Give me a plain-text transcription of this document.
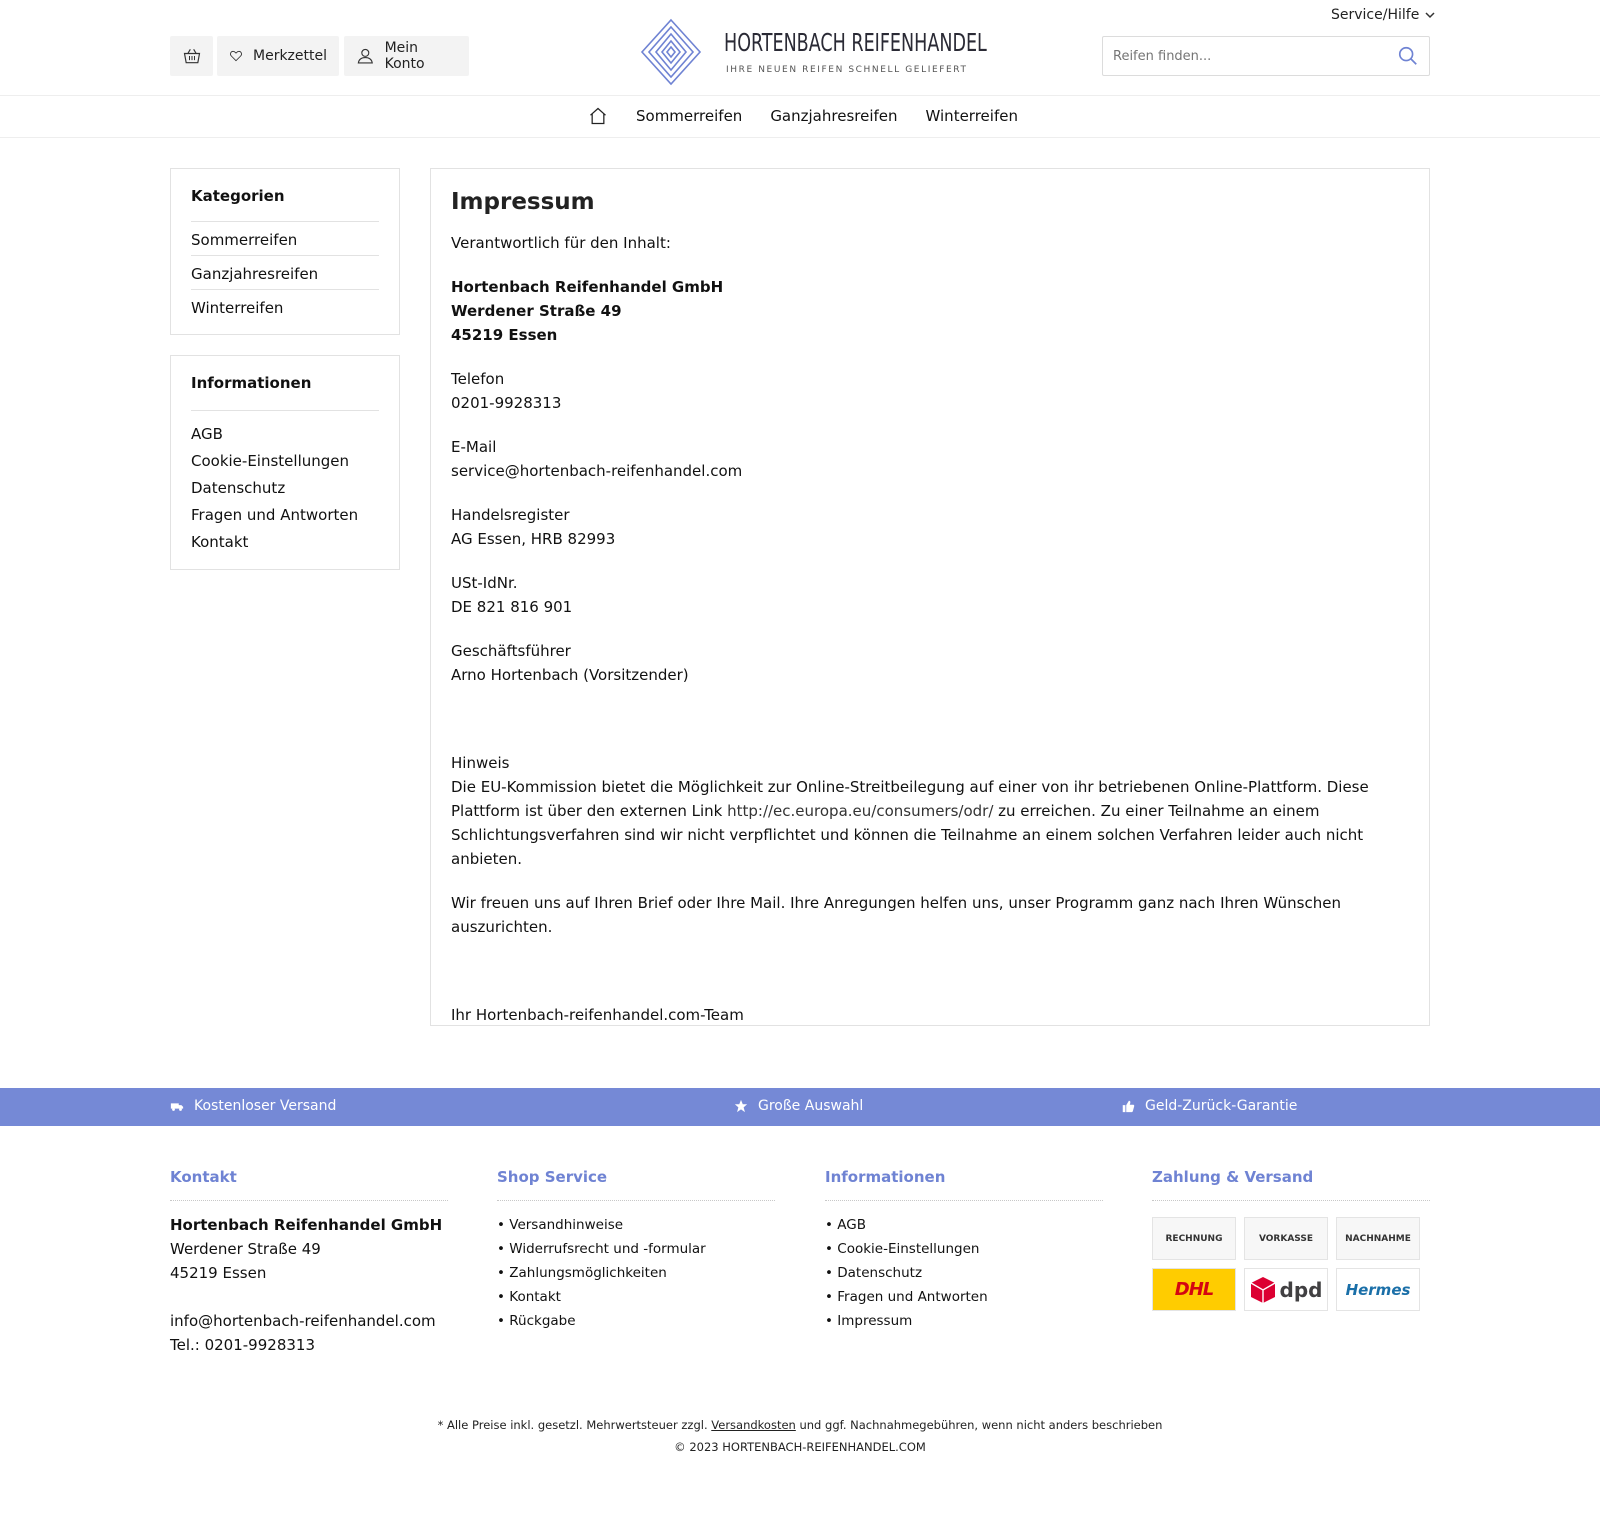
Service/Hilfe
Merkzettel	Mein Konto
HORTENBACH REIFENHANDEL
IHRE NEUEN REIFEN SCHNELL GELIEFERT
Reifen finden...
Sommerreifen Ganzjahresreifen Winterreifen
Kategorien
Sommerreifen
Ganzjahresreifen
Winterreifen
Informationen
AGB
Cookie-Einstellungen
Datenschutz
Fragen und Antworten
Kontakt
Impressum

Verantwortlich für den Inhalt:

Hortenbach Reifenhandel GmbH
Werdener Straße 49
45219 Essen

Telefon
0201-9928313

E-Mail
service@hortenbach-reifenhandel.com

Handelsregister
AG Essen, HRB 82993

USt-IdNr.
DE 821 816 901

Geschäftsführer
Arno Hortenbach (Vorsitzender)

Hinweis
Die EU-Kommission bietet die Möglichkeit zur Online-Streitbeilegung auf einer von ihr betriebenen Online-Plattform. Diese Plattform ist über den externen Link http://ec.europa.eu/consumers/odr/ zu erreichen. Zu einer Teilnahme an einem Schlichtungsverfahren sind wir nicht verpflichtet und können die Teilnahme an einem solchen Verfahren leider auch nicht anbieten.

Wir freuen uns auf Ihren Brief oder Ihre Mail. Ihre Anregungen helfen uns, unser Programm ganz nach Ihren Wünschen auszurichten.

Ihr Hortenbach-reifenhandel.com-Team

Kostenloser Versand	Große Auswahl	Geld-Zurück-Garantie
Kontakt
Hortenbach Reifenhandel GmbH
Werdener Straße 49
45219 Essen
info@hortenbach-reifenhandel.com
Tel.: 0201-9928313
Shop Service
• Versandhinweise
• Widerrufsrecht und -formular
• Zahlungsmöglichkeiten
• Kontakt
• Rückgabe
Informationen
• AGB
• Cookie-Einstellungen
• Datenschutz
• Fragen und Antworten
• Impressum
Zahlung & Versand
RECHNUNG	VORKASSE	NACHNAHME
DHL	dpd Hermes
* Alle Preise inkl. gesetzl. Mehrwertsteuer zzgl. Versandkosten und ggf. Nachnahmegebühren, wenn nicht anders beschrieben
© 2023 HORTENBACH-REIFENHANDEL.COM
